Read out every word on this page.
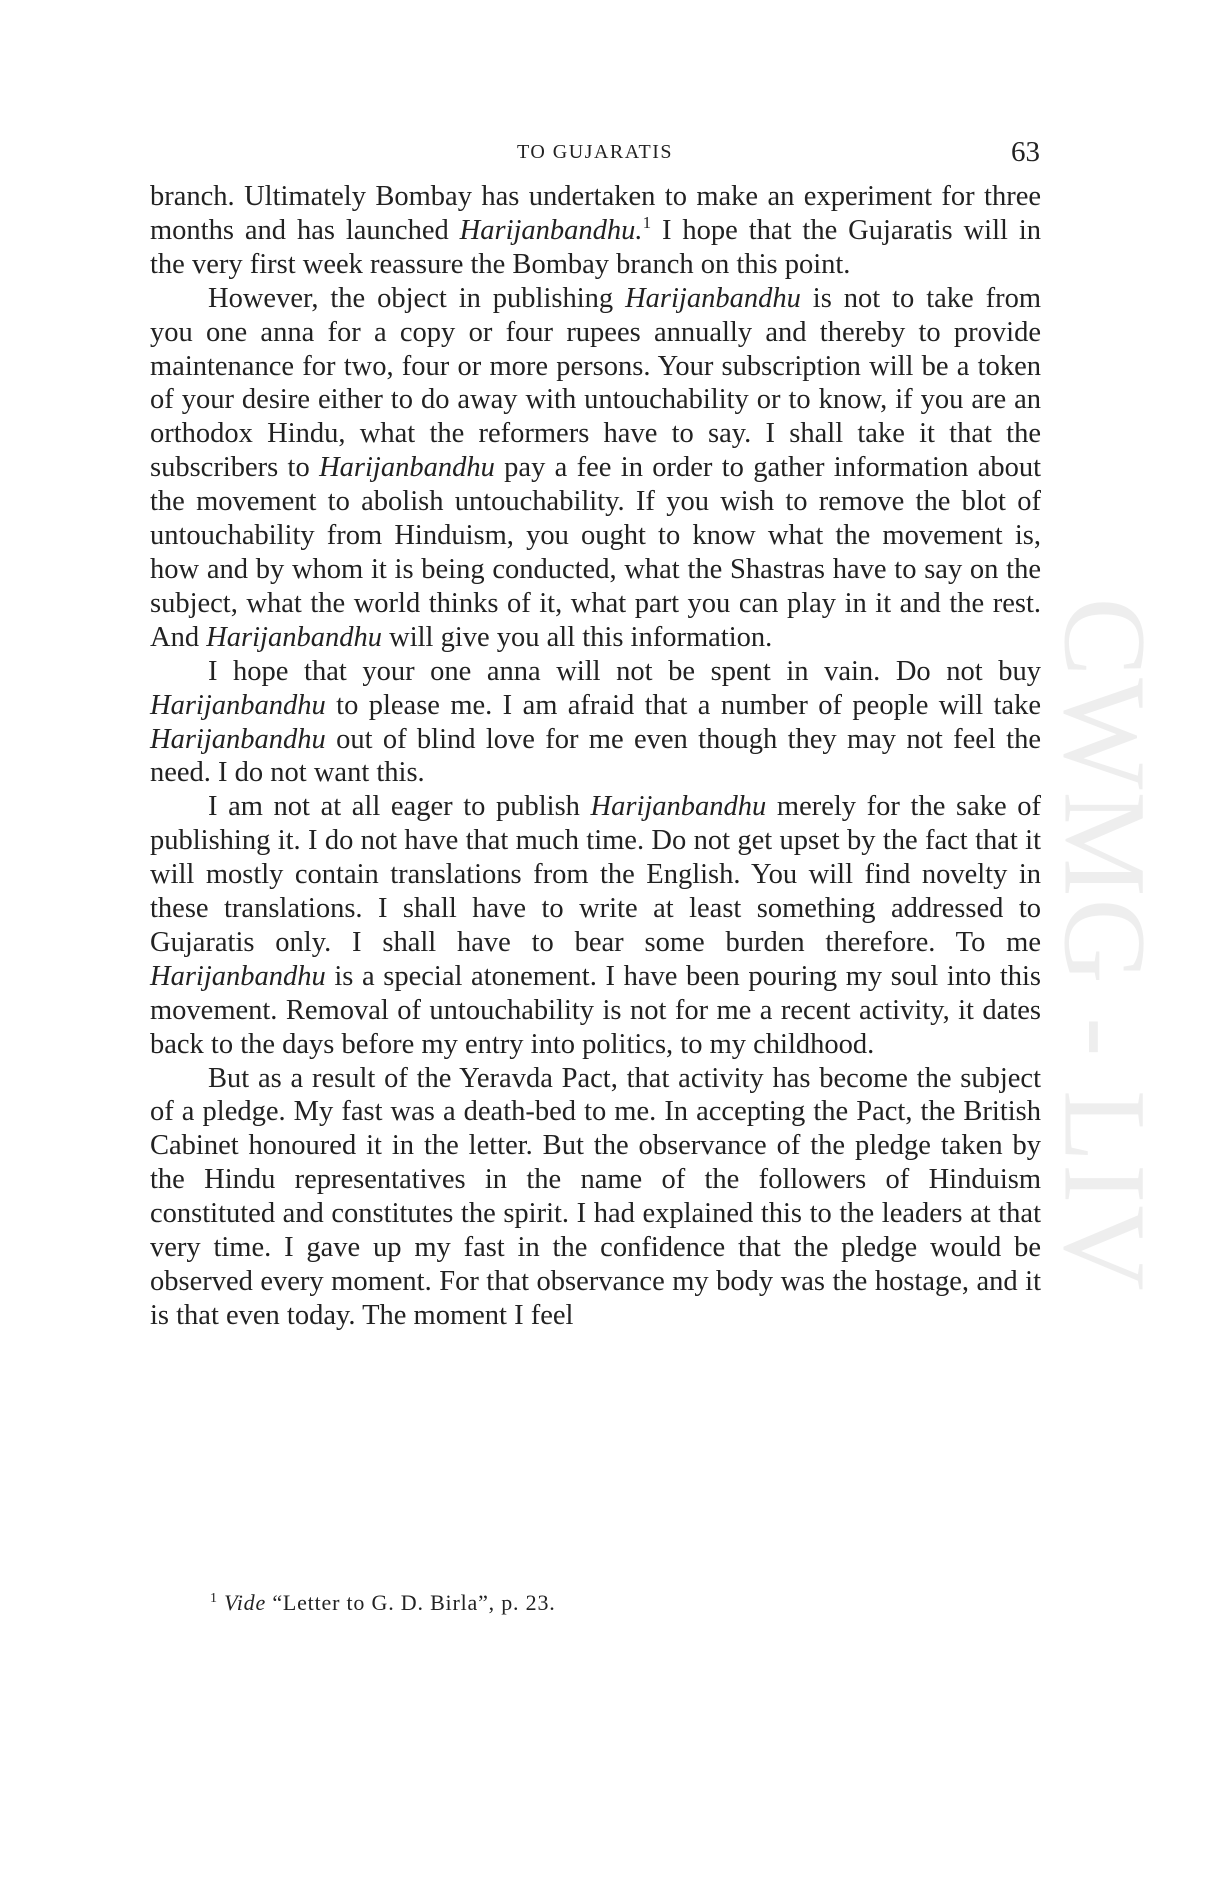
TO GUJARATIS	63
CWMG - LIV

branch. Ultimately Bombay has undertaken to make an experiment for three months and has launched Harijanbandhu.$^1$ I hope that the Gujaratis will in the very first week reassure the Bombay branch on this point.

However, the object in publishing Harijanbandhu is not to take from you one anna for a copy or four rupees annually and thereby to provide maintenance for two, four or more persons. Your subscription will be a token of your desire either to do away with untouchability or to know, if you are an orthodox Hindu, what the reformers have to say. I shall take it that the subscribers to Harijanbandhu pay a fee in order to gather information about the movement to abolish untouchability. If you wish to remove the blot of untouchability from Hinduism, you ought to know what the movement is, how and by whom it is being conducted, what the Shastras have to say on the subject, what the world thinks of it, what part you can play in it and the rest. And Harijanbandhu will give you all this information.

I hope that your one anna will not be spent in vain. Do not buy Harijanbandhu to please me. I am afraid that a number of people will take Harijanbandhu out of blind love for me even though they may not feel the need. I do not want this.

I am not at all eager to publish Harijanbandhu merely for the sake of publishing it. I do not have that much time. Do not get upset by the fact that it will mostly contain translations from the English. You will find novelty in these translations. I shall have to write at least something addressed to Gujaratis only. I shall have to bear some burden therefore. To me Harijanbandhu is a special atonement. I have been pouring my soul into this movement. Removal of untouchability is not for me a recent activity, it dates back to the days before my entry into politics, to my childhood.

But as a result of the Yeravda Pact, that activity has become the subject of a pledge. My fast was a death-bed to me. In accepting the Pact, the British Cabinet honoured it in the letter. But the observance of the pledge taken by the Hindu representatives in the name of the followers of Hinduism constituted and constitutes the spirit. I had explained this to the leaders at that very time. I gave up my fast in the confidence that the pledge would be observed every moment. For that observance my body was the hostage, and it is that even today. The moment I feel

$^1$ Vide “Letter to G. D. Birla”, p. 23.
